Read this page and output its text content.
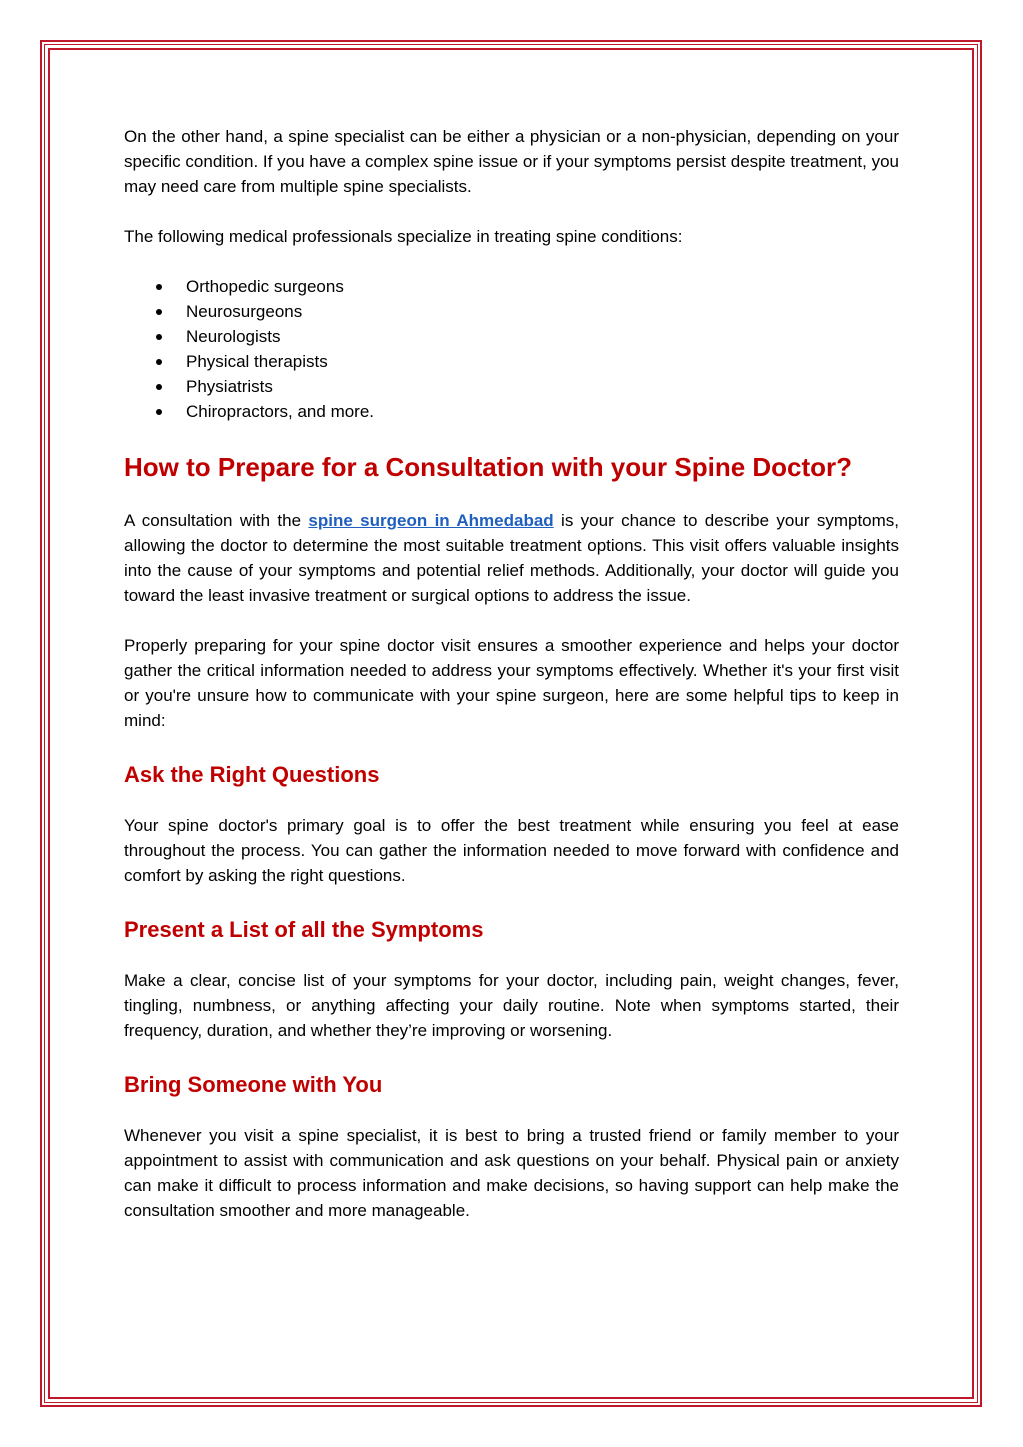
On the other hand, a spine specialist can be either a physician or a non-physician, depending on your specific condition. If you have a complex spine issue or if your symptoms persist despite treatment, you may need care from multiple spine specialists.

The following medical professionals specialize in treating spine conditions:

Orthopedic surgeons
Neurosurgeons
Neurologists
Physical therapists
Physiatrists
Chiropractors, and more.
How to Prepare for a Consultation with your Spine Doctor?

A consultation with the spine surgeon in Ahmedabad is your chance to describe your symptoms, allowing the doctor to determine the most suitable treatment options. This visit offers valuable insights into the cause of your symptoms and potential relief methods. Additionally, your doctor will guide you toward the least invasive treatment or surgical options to address the issue.

Properly preparing for your spine doctor visit ensures a smoother experience and helps your doctor gather the critical information needed to address your symptoms effectively. Whether it's your first visit or you're unsure how to communicate with your spine surgeon, here are some helpful tips to keep in mind:

Ask the Right Questions

Your spine doctor's primary goal is to offer the best treatment while ensuring you feel at ease throughout the process. You can gather the information needed to move forward with confidence and comfort by asking the right questions.

Present a List of all the Symptoms

Make a clear, concise list of your symptoms for your doctor, including pain, weight changes, fever, tingling, numbness, or anything affecting your daily routine. Note when symptoms started, their frequency, duration, and whether they’re improving or worsening.

Bring Someone with You

Whenever you visit a spine specialist, it is best to bring a trusted friend or family member to your appointment to assist with communication and ask questions on your behalf. Physical pain or anxiety can make it difficult to process information and make decisions, so having support can help make the consultation smoother and more manageable.
